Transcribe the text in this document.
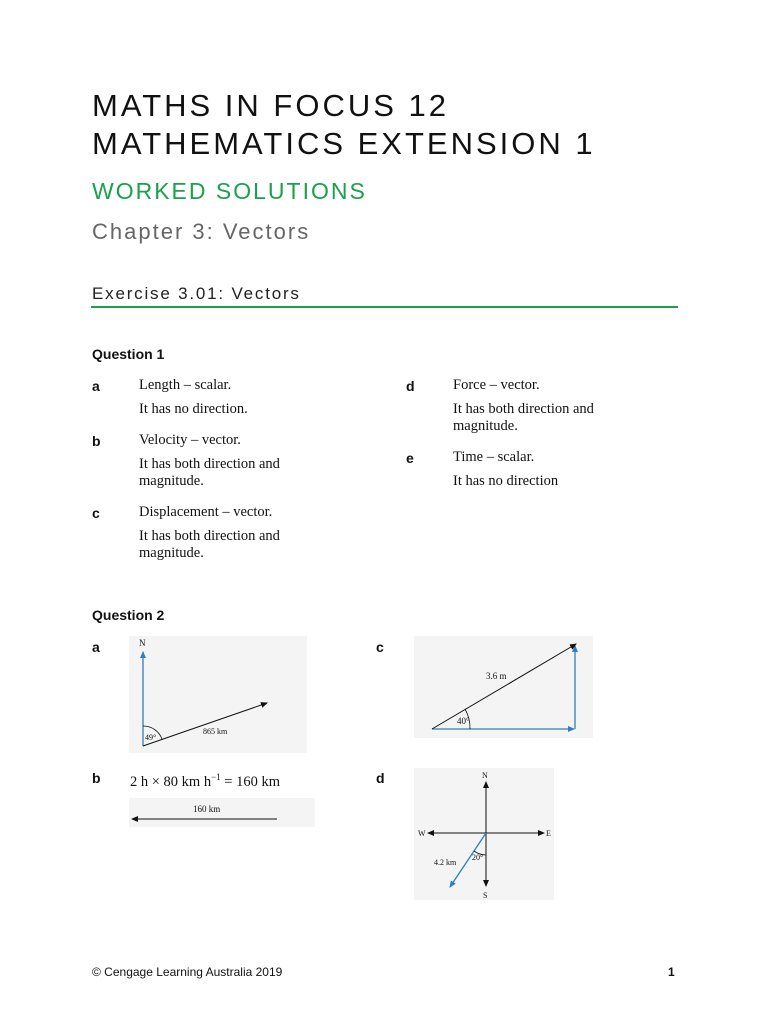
MATHS IN FOCUS 12
MATHEMATICS EXTENSION 1
WORKED SOLUTIONS
Chapter 3: Vectors
Exercise 3.01: Vectors
Question 1
a	Length – scalar.
It has no direction.
b	Velocity – vector.
It has both direction and magnitude.
c	Displacement – vector.
It has both direction and magnitude.
d	Force – vector.
It has both direction and magnitude.
e	Time – scalar.
It has no direction
Question 2
a	N
49°
865 km
b 2 h × 80 km $h^{-1} = 160$ km
160 km
c
40°
3.6 m
d	N
S
E
W
20°
4.2 km
© Cengage Learning Australia 2019	1
